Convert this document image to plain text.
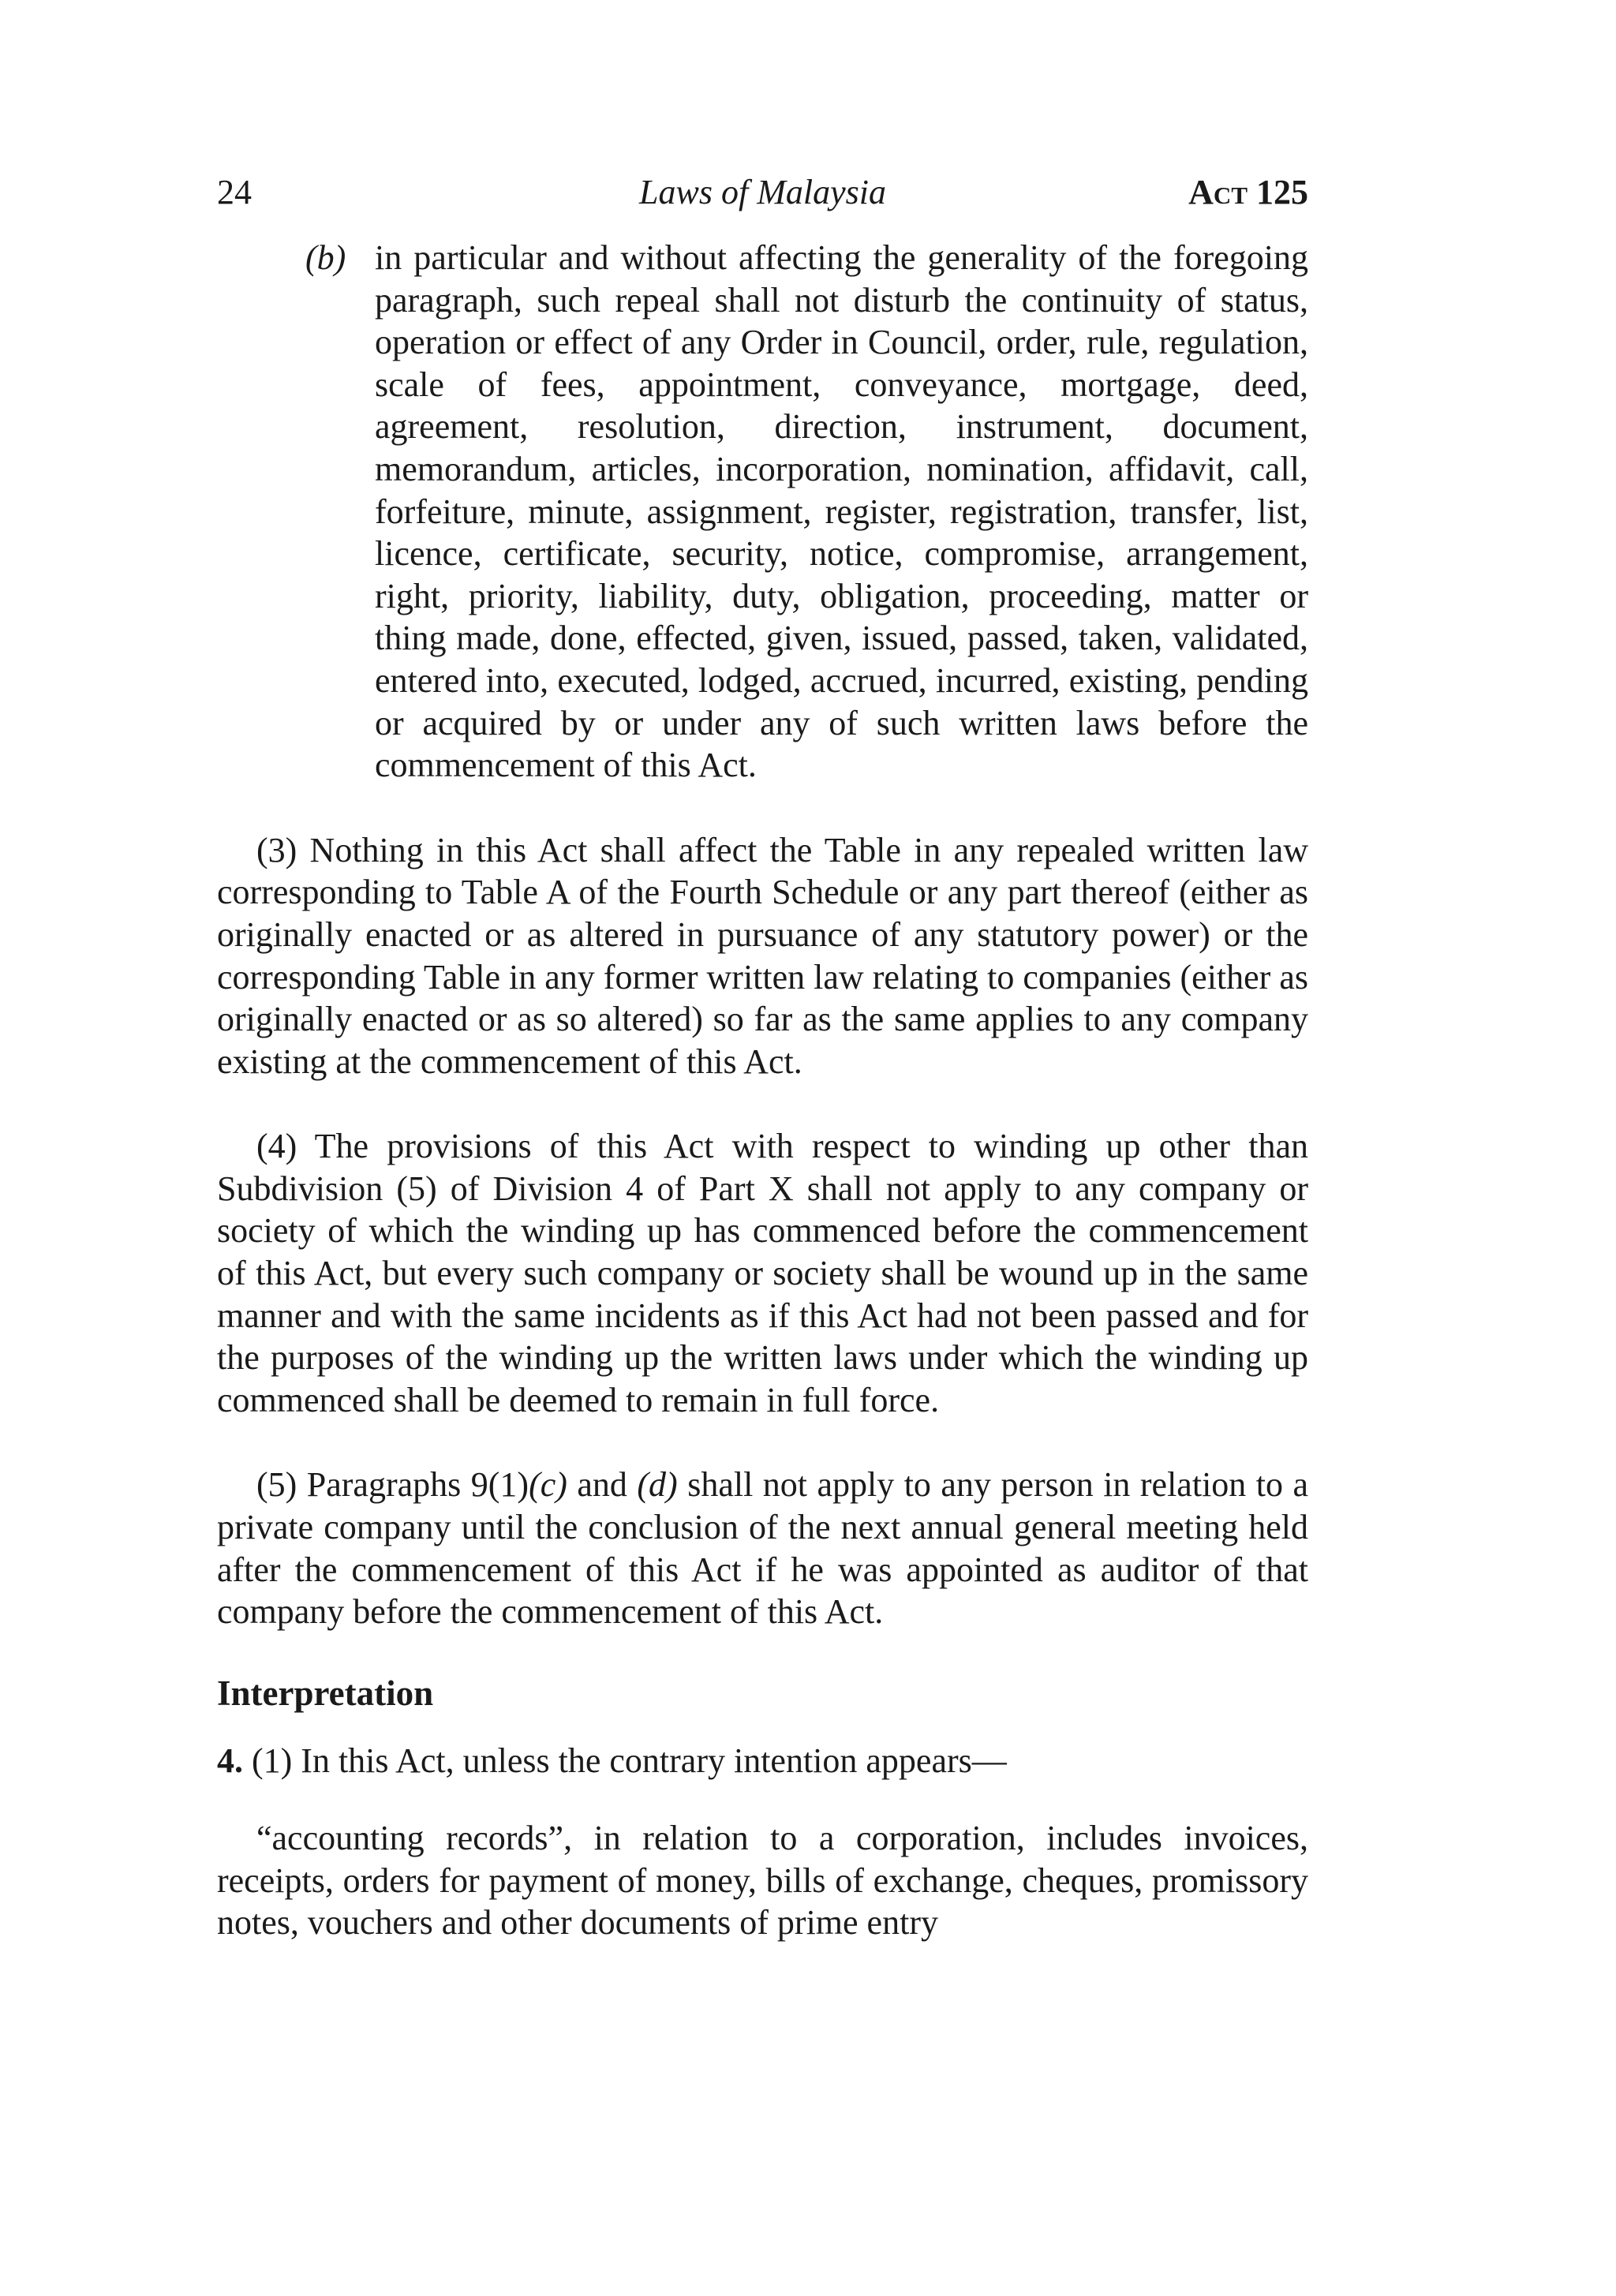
24	Laws of Malaysia	Act 125

(b) in particular and without affecting the generality of the foregoing paragraph, such repeal shall not disturb the continuity of status, operation or effect of any Order in Council, order, rule, regulation, scale of fees, appointment, conveyance, mortgage, deed, agreement, resolution, direction, instrument, document, memorandum, articles, incorporation, nomination, affidavit, call, forfeiture, minute, assignment, register, registration, transfer, list, licence, certificate, security, notice, compromise, arrangement, right, priority, liability, duty, obligation, proceeding, matter or thing made, done, effected, given, issued, passed, taken, validated, entered into, executed, lodged, accrued, incurred, existing, pending or acquired by or under any of such written laws before the commencement of this Act.

(3) Nothing in this Act shall affect the Table in any repealed written law corresponding to Table A of the Fourth Schedule or any part thereof (either as originally enacted or as altered in pursuance of any statutory power) or the corresponding Table in any former written law relating to companies (either as originally enacted or as so altered) so far as the same applies to any company existing at the commencement of this Act.

(4) The provisions of this Act with respect to winding up other than Subdivision (5) of Division 4 of Part X shall not apply to any company or society of which the winding up has commenced before the commencement of this Act, but every such company or society shall be wound up in the same manner and with the same incidents as if this Act had not been passed and for the purposes of the winding up the written laws under which the winding up commenced shall be deemed to remain in full force.

(5) Paragraphs 9(1)(c) and (d) shall not apply to any person in relation to a private company until the conclusion of the next annual general meeting held after the commencement of this Act if he was appointed as auditor of that company before the commencement of this Act.

Interpretation

4. (1) In this Act, unless the contrary intention appears—

“accounting records”, in relation to a corporation, includes invoices, receipts, orders for payment of money, bills of exchange, cheques, promissory notes, vouchers and other documents of prime entry
